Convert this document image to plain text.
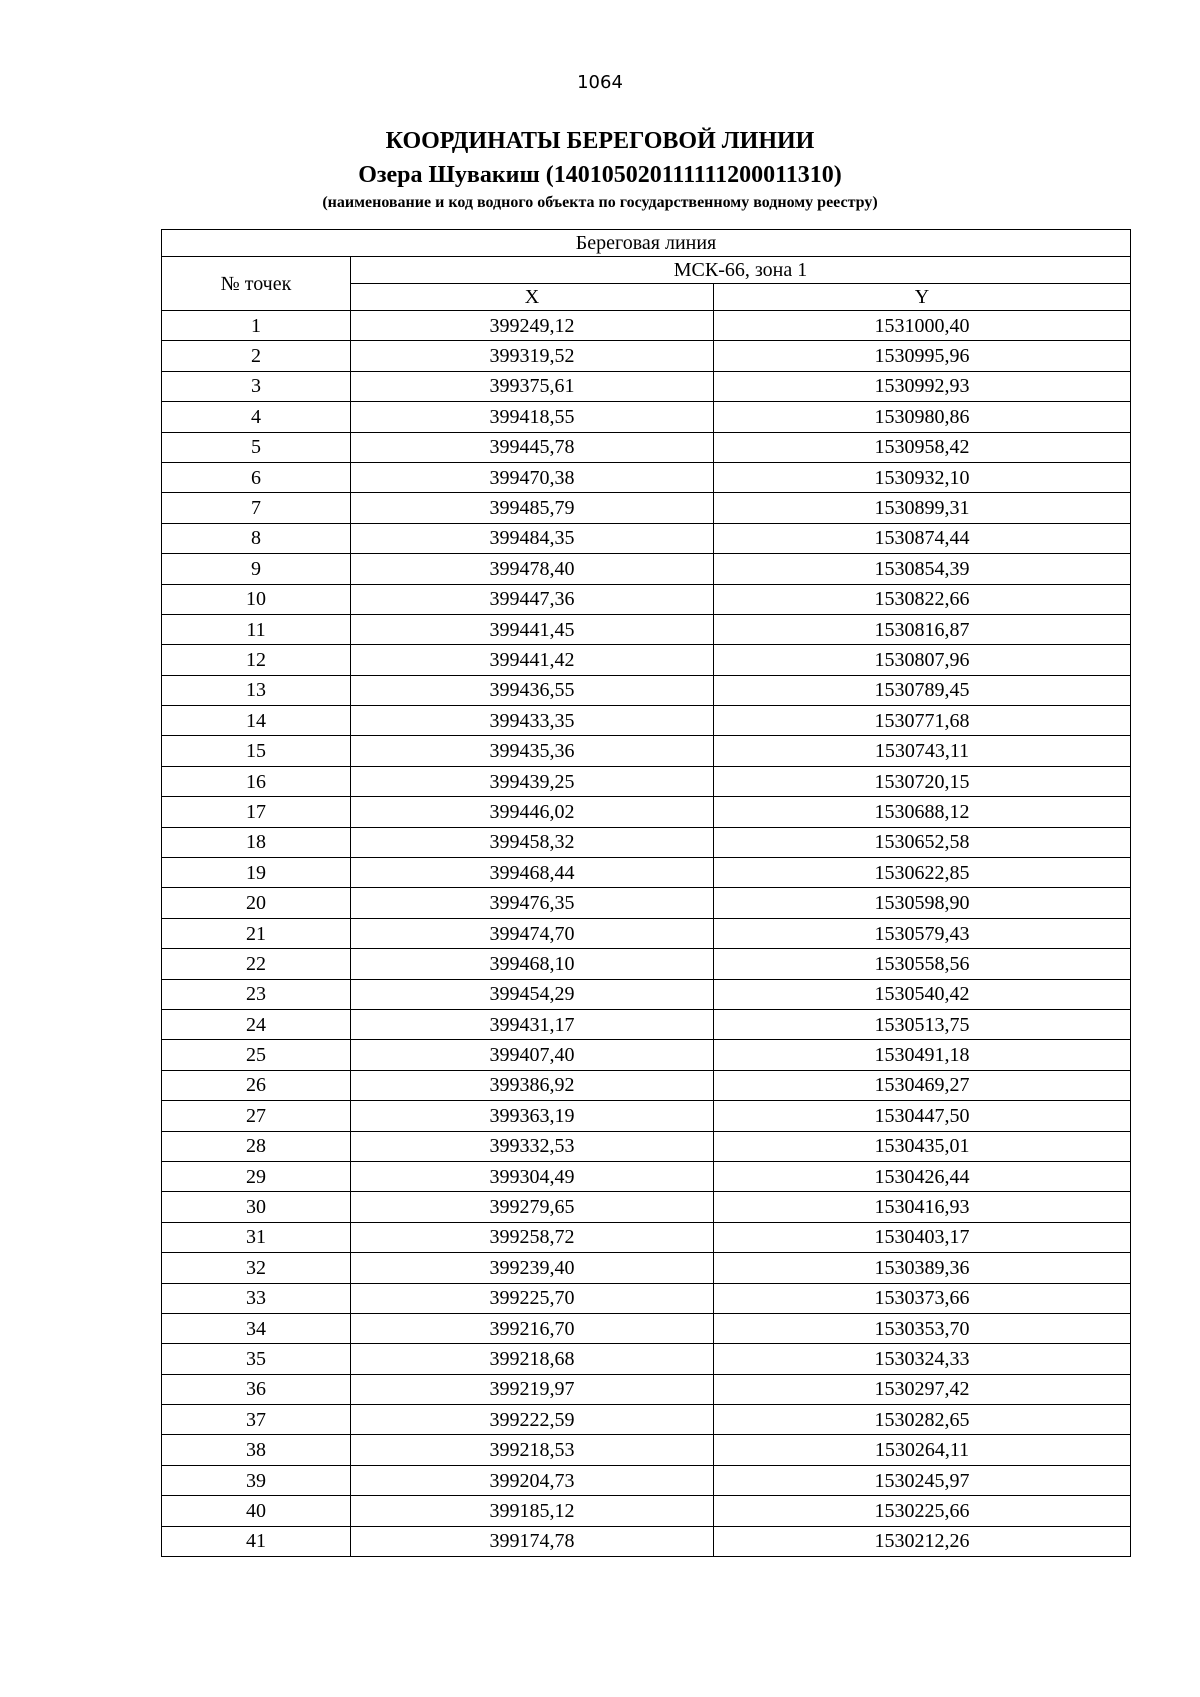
1064
КООРДИНАТЫ БЕРЕГОВОЙ ЛИНИИ
Озера Шувакиш (140105020111111200011310)
(наименование и код водного объекта по государственному водному реестру)
Береговая линия		
№ точек	МСК-66, зона 1	
	X	Y
1	399249,12	1531000,40
2	399319,52	1530995,96
3	399375,61	1530992,93
4	399418,55	1530980,86
5	399445,78	1530958,42
6	399470,38	1530932,10
7	399485,79	1530899,31
8	399484,35	1530874,44
9	399478,40	1530854,39
10	399447,36	1530822,66
11	399441,45	1530816,87
12	399441,42	1530807,96
13	399436,55	1530789,45
14	399433,35	1530771,68
15	399435,36	1530743,11
16	399439,25	1530720,15
17	399446,02	1530688,12
18	399458,32	1530652,58
19	399468,44	1530622,85
20	399476,35	1530598,90
21	399474,70	1530579,43
22	399468,10	1530558,56
23	399454,29	1530540,42
24	399431,17	1530513,75
25	399407,40	1530491,18
26	399386,92	1530469,27
27	399363,19	1530447,50
28	399332,53	1530435,01
29	399304,49	1530426,44
30	399279,65	1530416,93
31	399258,72	1530403,17
32	399239,40	1530389,36
33	399225,70	1530373,66
34	399216,70	1530353,70
35	399218,68	1530324,33
36	399219,97	1530297,42
37	399222,59	1530282,65
38	399218,53	1530264,11
39	399204,73	1530245,97
40	399185,12	1530225,66
41	399174,78	1530212,26
